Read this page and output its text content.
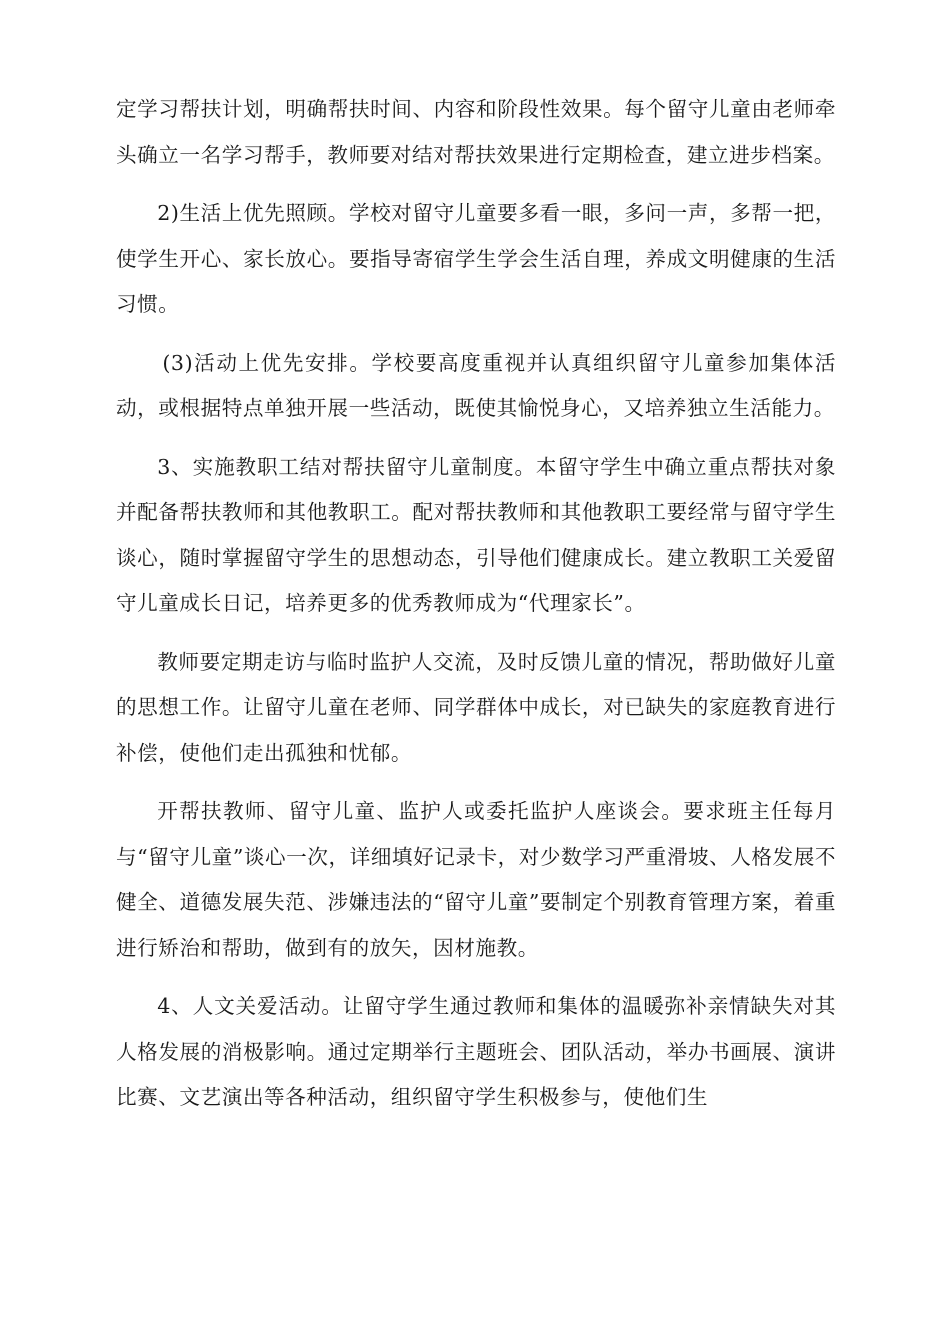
定学习帮扶计划，明确帮扶时间、内容和阶段性效果。每个留守儿童由老师牵头确立一名学习帮手，教师要对结对帮扶效果进行定期检查，建立进步档案。

2)生活上优先照顾。学校对留守儿童要多看一眼，多问一声，多帮一把，使学生开心、家长放心。要指导寄宿学生学会生活自理，养成文明健康的生活习惯。

(3)活动上优先安排。学校要高度重视并认真组织留守儿童参加集体活动，或根据特点单独开展一些活动，既使其愉悦身心，又培养独立生活能力。

3、实施教职工结对帮扶留守儿童制度。本留守学生中确立重点帮扶对象并配备帮扶教师和其他教职工。配对帮扶教师和其他教职工要经常与留守学生谈心，随时掌握留守学生的思想动态，引导他们健康成长。建立教职工关爱留守儿童成长日记，培养更多的优秀教师成为“代理家长”。

教师要定期走访与临时监护人交流，及时反馈儿童的情况，帮助做好儿童的思想工作。让留守儿童在老师、同学群体中成长，对已缺失的家庭教育进行补偿，使他们走出孤独和忧郁。

开帮扶教师、留守儿童、监护人或委托监护人座谈会。要求班主任每月与“留守儿童”谈心一次，详细填好记录卡，对少数学习严重滑坡、人格发展不健全、道德发展失范、涉嫌违法的“留守儿童”要制定个别教育管理方案，着重进行矫治和帮助，做到有的放矢，因材施教。

4、人文关爱活动。让留守学生通过教师和集体的温暖弥补亲情缺失对其人格发展的消极影响。通过定期举行主题班会、团队活动，举办书画展、演讲比赛、文艺演出等各种活动，组织留守学生积极参与，使他们生
